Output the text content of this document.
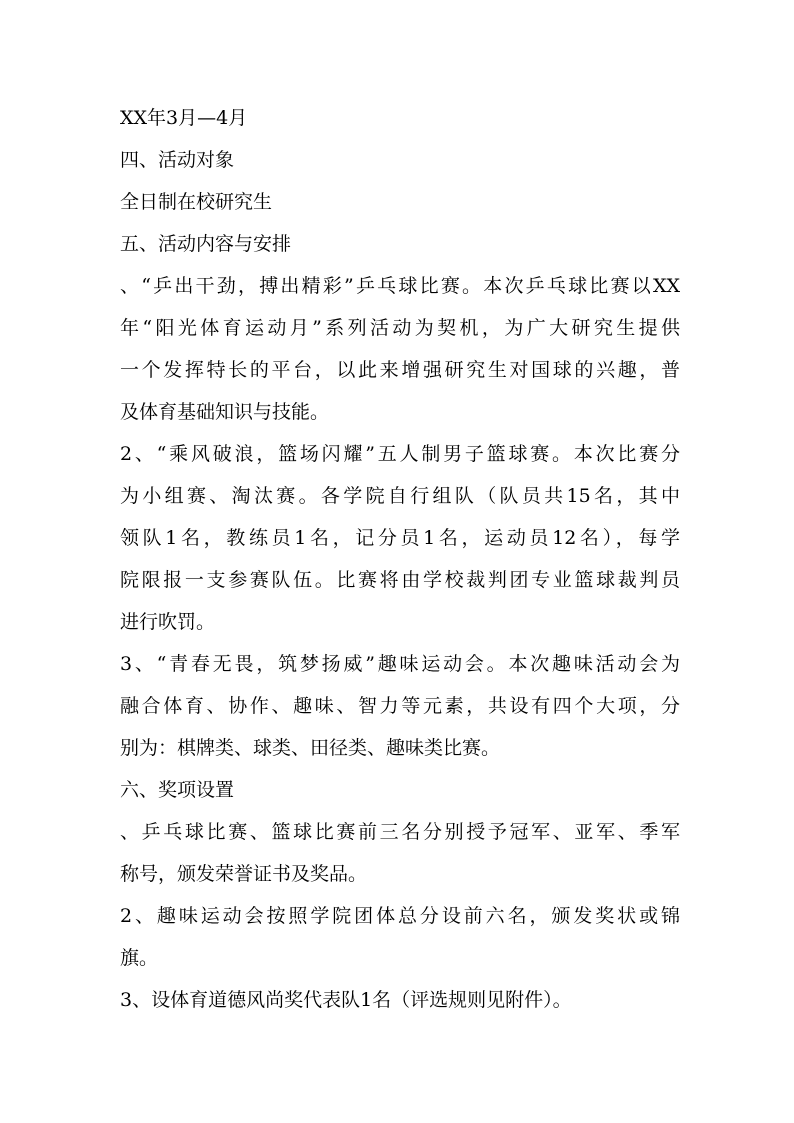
XX年3月—4月
四、活动对象
全日制在校研究生
五、活动内容与安排
、“乒出干劲，搏出精彩”乒乓球比赛。本次乒乓球比赛以XX
年“阳光体育运动月”系列活动为契机，为广大研究生提供
一个发挥特长的平台，以此来增强研究生对国球的兴趣，普
及体育基础知识与技能。
2、“乘风破浪，篮场闪耀”五人制男子篮球赛。本次比赛分
为小组赛、淘汰赛。各学院自行组队（队员共15名，其中
领队1名，教练员1名，记分员1名，运动员12名），每学
院限报一支参赛队伍。比赛将由学校裁判团专业篮球裁判员
进行吹罚。
3、“青春无畏，筑梦扬威”趣味运动会。本次趣味活动会为
融合体育、协作、趣味、智力等元素，共设有四个大项，分
别为：棋牌类、球类、田径类、趣味类比赛。
六、奖项设置
、乒乓球比赛、篮球比赛前三名分别授予冠军、亚军、季军
称号，颁发荣誉证书及奖品。
2、趣味运动会按照学院团体总分设前六名，颁发奖状或锦
旗。
3、设体育道德风尚奖代表队1名（评选规则见附件）。
